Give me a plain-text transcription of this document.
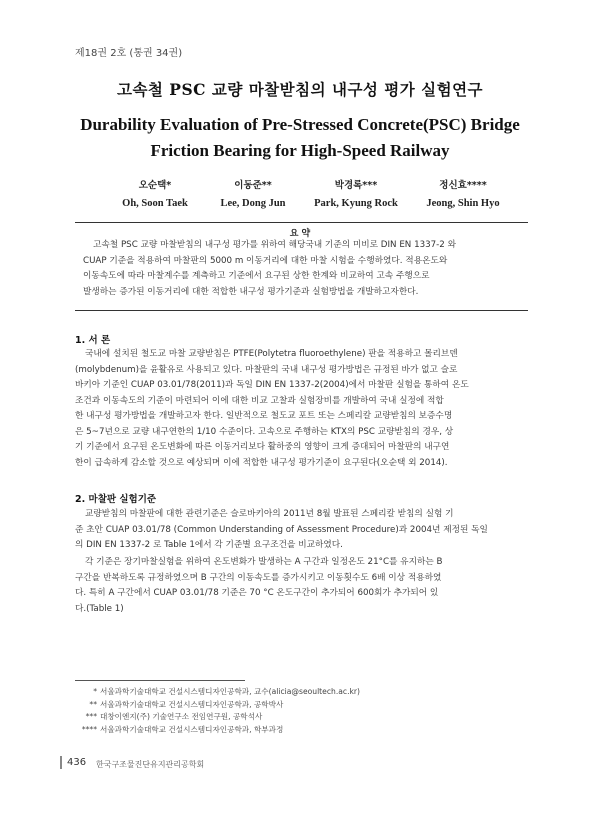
제18권 2호 (통권 34권)
고속철 PSC 교량 마찰받침의 내구성 평가 실험연구
Durability Evaluation of Pre-Stressed Concrete(PSC) Bridge
Friction Bearing for High-Speed Railway
오순택*
Oh, Soon Taek
이동준**
Lee, Dong Jun
박경록***
Park, Kyung Rock
정신효****
Jeong, Shin Hyo
요 약
고속철 PSC 교량 마찰받침의 내구성 평가를 위하여 해당국내 기준의 미비로 DIN EN 1337-2 와
CUAP 기준을 적용하여 마찰판의 5000 m 이동거리에 대한 마찰 시험을 수행하였다. 적용온도와
이동속도에 따라 마찰계수를 계측하고 기준에서 요구된 상한 한계와 비교하여 고속 주행으로
발생하는 증가된 이동거리에 대한 적합한 내구성 평가기준과 실험방법을 개발하고자한다.
1. 서 론
국내에 설치된 철도교 마찰 교량받침은 PTFE(Polytetra fluoroethylene) 판을 적용하고 몰리브덴
(molybdenum)을 윤활유로 사용되고 있다. 마찰판의 국내 내구성 평가방법은 규정된 바가 없고 슬로
바키아 기준인 CUAP 03.01/78(2011)과 독일 DIN EN 1337-2(2004)에서 마찰판 실험을 통하여 온도
조건과 이동속도의 기준이 마련되어 이에 대한 비교 고찰과 실험장비를 개발하여 국내 실정에 적합
한 내구성 평가방법을 개발하고자 한다. 일반적으로 철도교 포트 또는 스페리칼 교량받침의 보증수명
은 5~7년으로 교량 내구연한의 1/10 수준이다. 고속으로 주행하는 KTX의 PSC 교량받침의 경우, 상
기 기준에서 요구된 온도변화에 따른 이동거리보다 활하중의 영향이 크게 증대되어 마찰판의 내구연
한이 급속하게 감소할 것으로 예상되며 이에 적합한 내구성 평가기준이 요구된다(오순택 외 2014).
2. 마찰판 실험기준
교량받침의 마찰판에 대한 관련기준은 슬로바키아의 2011년 8월 발표된 스페리칼 받침의 실험 기
준 초안 CUAP 03.01/78 (Common Understanding of Assessment Procedure)과 2004년 제정된 독일
의 DIN EN 1337-2 로 Table 1에서 각 기준별 요구조건을 비교하였다.
각 기준은 장기마찰실험을 위하여 온도변화가 발생하는 A 구간과 일정온도 21°C를 유지하는 B
구간을 반복하도록 규정하였으며 B 구간의 이동속도를 증가시키고 이동횟수도 6배 이상 적용하였
다. 특히 A 구간에서 CUAP 03.01/78 기준은 70 °C 온도구간이 추가되어 600회가 추가되어 있
다.(Table 1)
* 서울과학기술대학교 건설시스템디자인공학과, 교수(alicia@seoultech.ac.kr)
** 서울과학기술대학교 건설시스템디자인공학과, 공학박사
*** 대창이엔지(주) 기술연구소 전임연구원, 공학석사
**** 서울과학기술대학교 건설시스템디자인공학과, 학부과정
436 한국구조물진단유지관리공학회
